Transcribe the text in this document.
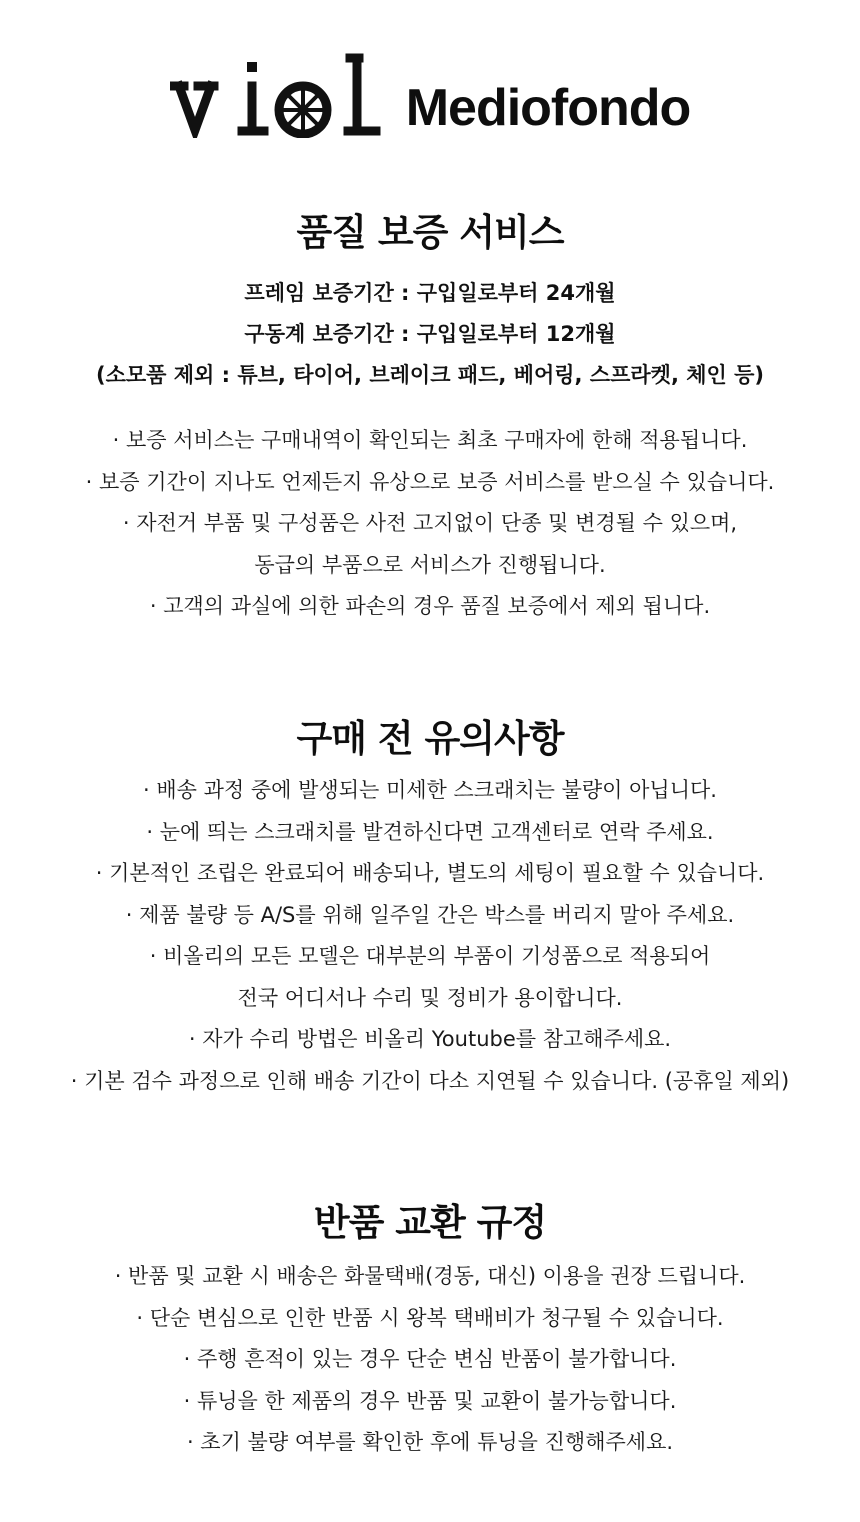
Mediofondo
품질 보증 서비스
프레임 보증기간 : 구입일로부터 24개월
구동계 보증기간 : 구입일로부터 12개월
(소모품 제외 : 튜브, 타이어, 브레이크 패드, 베어링, 스프라켓, 체인 등)
· 보증 서비스는 구매내역이 확인되는 최초 구매자에 한해 적용됩니다.
· 보증 기간이 지나도 언제든지 유상으로 보증 서비스를 받으실 수 있습니다.
· 자전거 부품 및 구성품은 사전 고지없이 단종 및 변경될 수 있으며,
동급의 부품으로 서비스가 진행됩니다.
· 고객의 과실에 의한 파손의 경우 품질 보증에서 제외 됩니다.
구매 전 유의사항
· 배송 과정 중에 발생되는 미세한 스크래치는 불량이 아닙니다.
· 눈에 띄는 스크래치를 발견하신다면 고객센터로 연락 주세요.
· 기본적인 조립은 완료되어 배송되나, 별도의 세팅이 필요할 수 있습니다.
· 제품 불량 등 A/S를 위해 일주일 간은 박스를 버리지 말아 주세요.
· 비올리의 모든 모델은 대부분의 부품이 기성품으로 적용되어
전국 어디서나 수리 및 정비가 용이합니다.
· 자가 수리 방법은 비올리 Youtube를 참고해주세요.
· 기본 검수 과정으로 인해 배송 기간이 다소 지연될 수 있습니다. (공휴일 제외)
반품 교환 규정
· 반품 및 교환 시 배송은 화물택배(경동, 대신) 이용을 권장 드립니다.
· 단순 변심으로 인한 반품 시 왕복 택배비가 청구될 수 있습니다.
· 주행 흔적이 있는 경우 단순 변심 반품이 불가합니다.
· 튜닝을 한 제품의 경우 반품 및 교환이 불가능합니다.
· 초기 불량 여부를 확인한 후에 튜닝을 진행해주세요.
